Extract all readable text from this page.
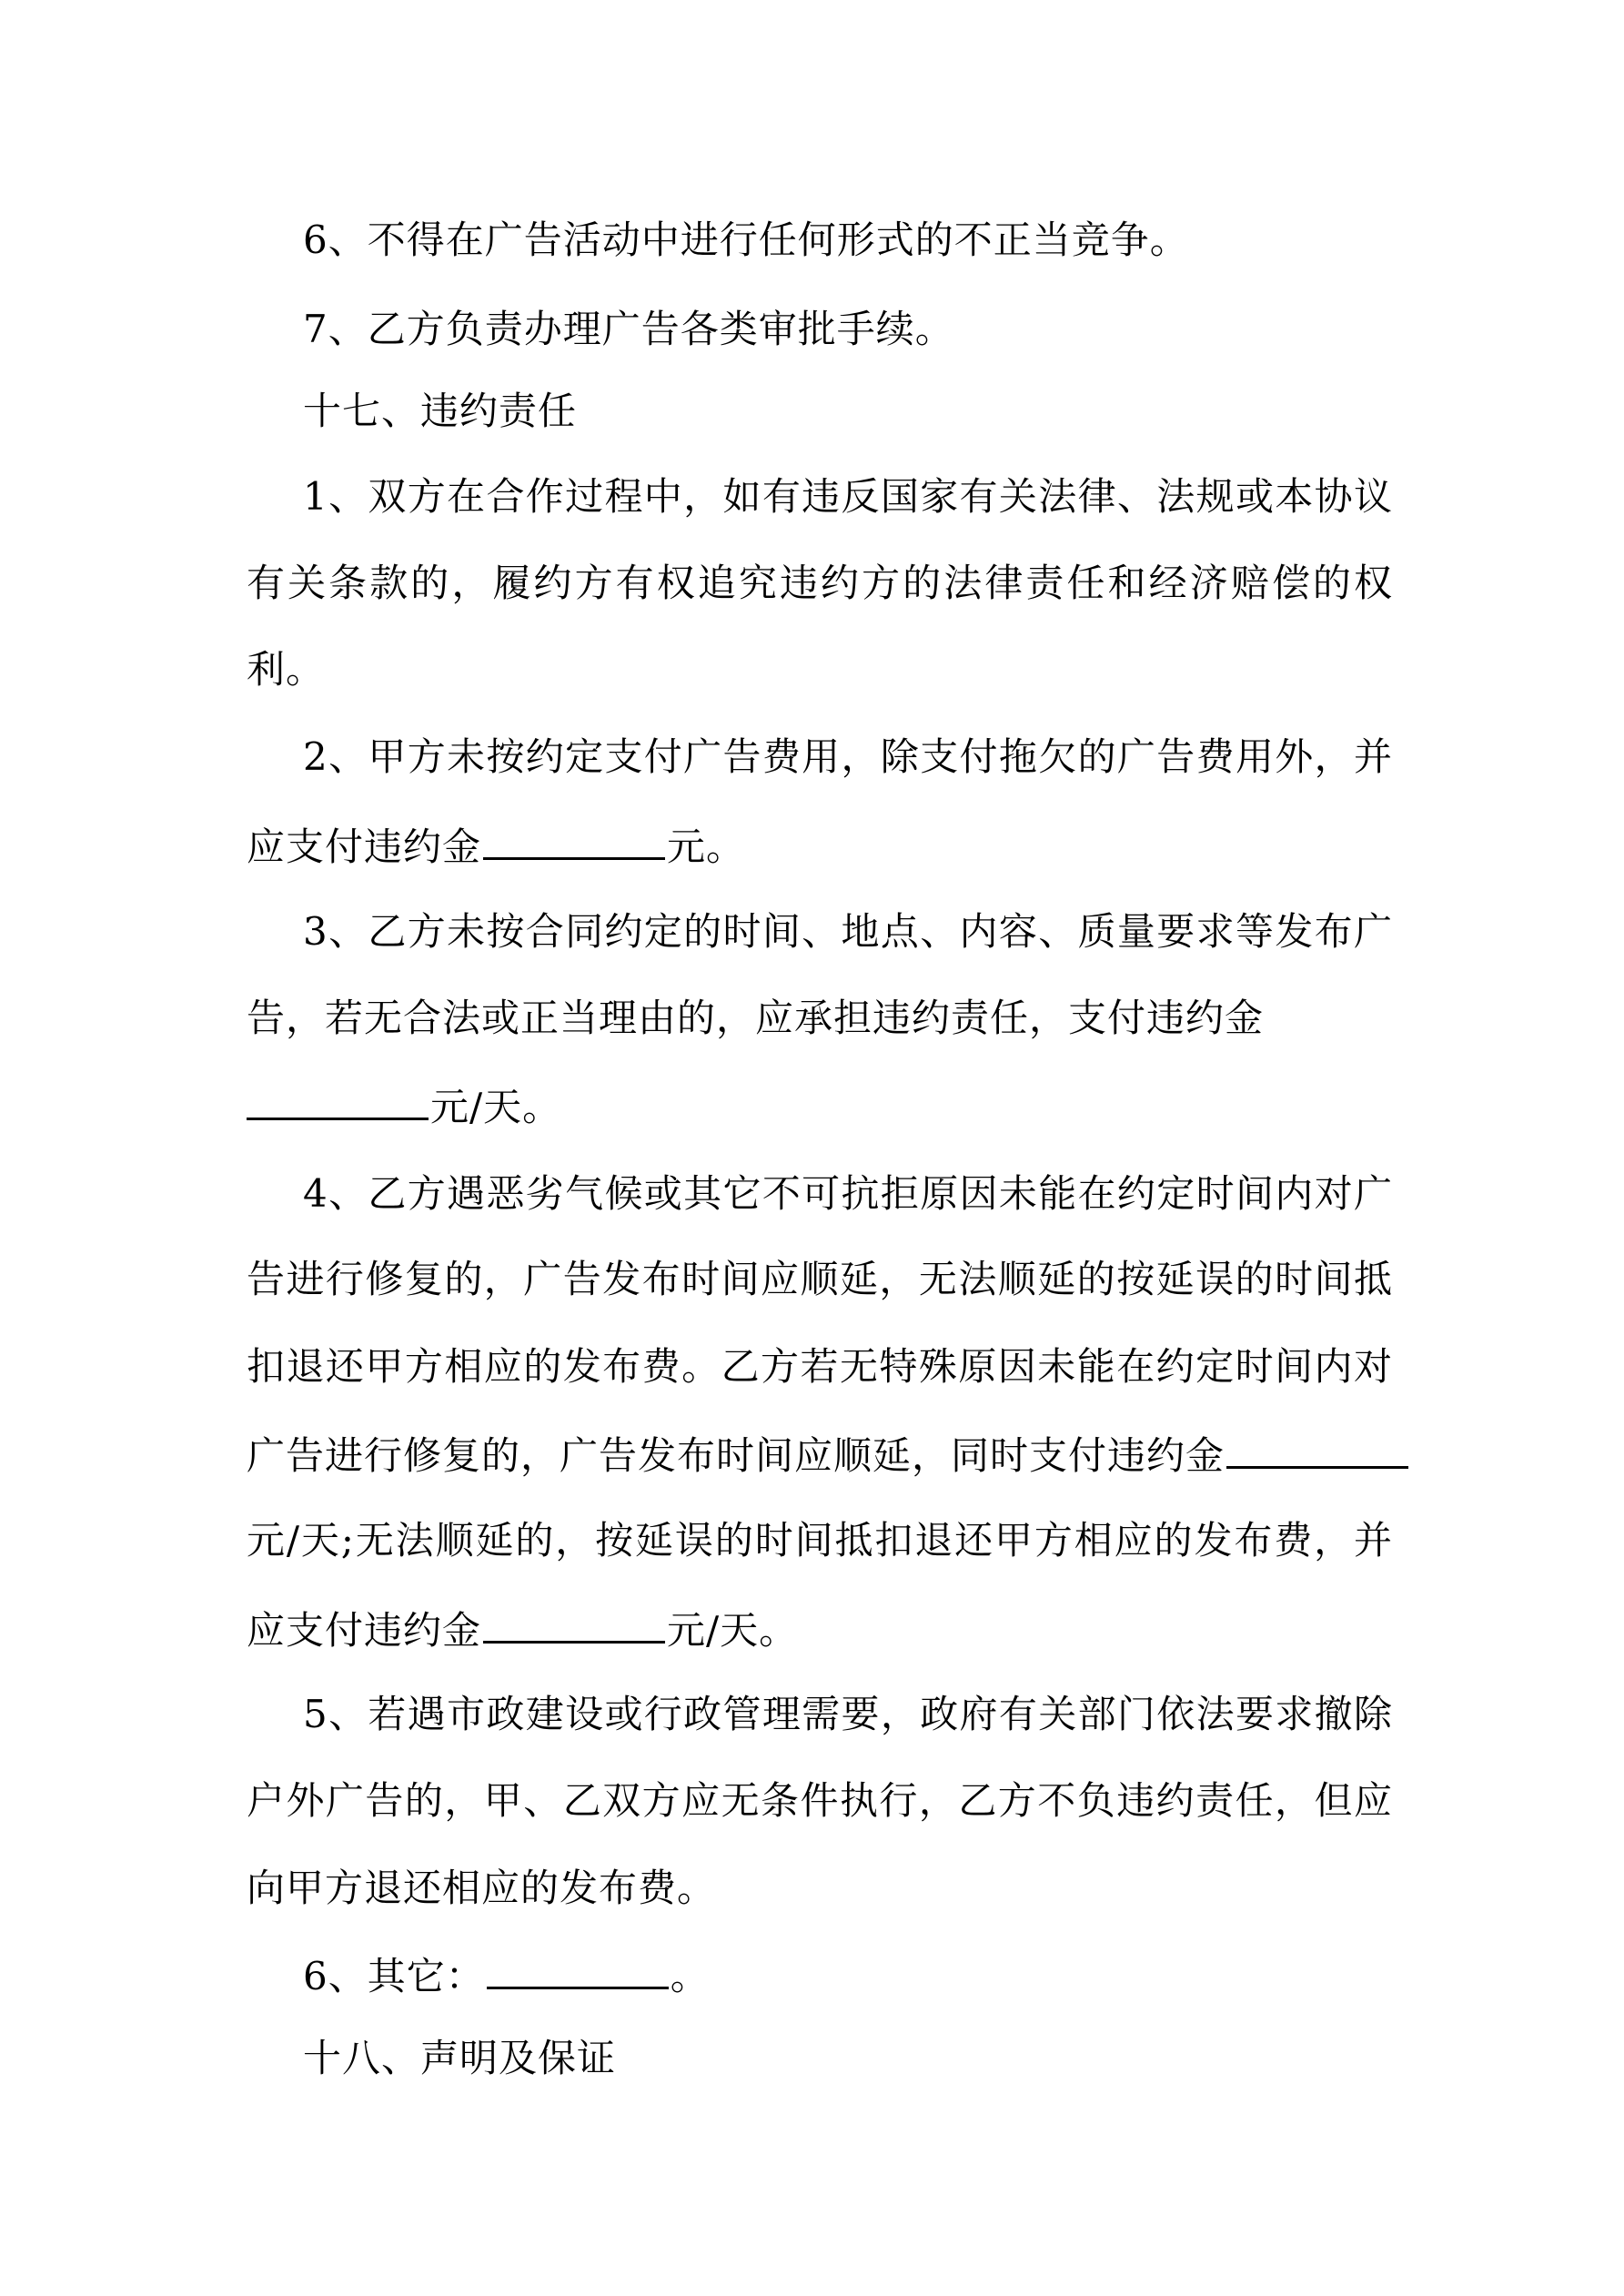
6、不得在广告活动中进行任何形式的不正当竞争。
7、乙方负责办理广告各类审批手续。
十七、违约责任
1、双方在合作过程中，如有违反国家有关法律、法规或本协议
有关条款的，履约方有权追究违约方的法律责任和经济赔偿的权
利。
2、甲方未按约定支付广告费用，除支付拖欠的广告费用外，并
应支付违约金	元。
3、乙方未按合同约定的时间、地点、内容、质量要求等发布广
告，若无合法或正当理由的，应承担违约责任，支付违约金
元/天。
4、乙方遇恶劣气候或其它不可抗拒原因未能在约定时间内对广
告进行修复的，广告发布时间应顺延，无法顺延的按延误的时间抵
扣退还甲方相应的发布费。乙方若无特殊原因未能在约定时间内对
广告进行修复的，广告发布时间应顺延，同时支付违约金
元/天;无法顺延的，按延误的时间抵扣退还甲方相应的发布费，并
应支付违约金	元/天。
5、若遇市政建设或行政管理需要，政府有关部门依法要求撤除
户外广告的，甲、乙双方应无条件执行，乙方不负违约责任，但应
向甲方退还相应的发布费。
6、其它：	。
十八、声明及保证
